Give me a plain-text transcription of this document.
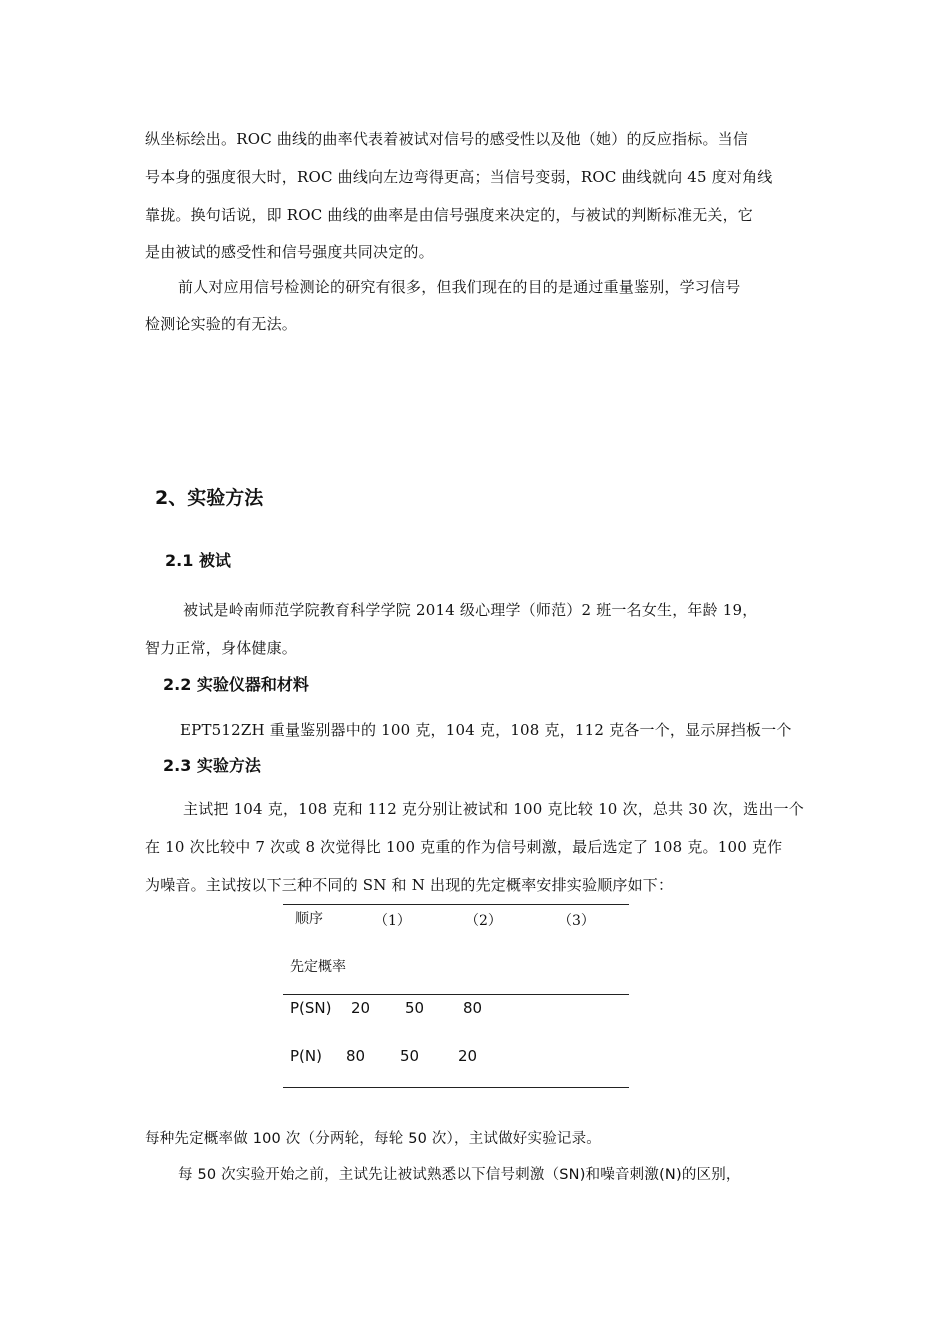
纵坐标绘出。ROC 曲线的曲率代表着被试对信号的感受性以及他（她）的反应指标。当信
号本身的强度很大时，ROC 曲线向左边弯得更高；当信号变弱，ROC 曲线就向 45 度对角线
靠拢。换句话说，即 ROC 曲线的曲率是由信号强度来决定的，与被试的判断标准无关，它
是由被试的感受性和信号强度共同决定的。
前人对应用信号检测论的研究有很多，但我们现在的目的是通过重量鉴别，学习信号
检测论实验的有无法。
2、实验方法
2.1 被试
被试是岭南师范学院教育科学学院 2014 级心理学（师范）2 班一名女生，年龄 19，
智力正常，身体健康。
2.2 实验仪器和材料
EPT512ZH 重量鉴别器中的 100 克，104 克，108 克，112 克各一个，显示屏挡板一个
2.3 实验方法
主试把 104 克，108 克和 112 克分别让被试和 100 克比较 10 次，总共 30 次，选出一个
在 10 次比较中 7 次或 8 次觉得比 100 克重的作为信号刺激，最后选定了 108 克。100 克作
为噪音。主试按以下三种不同的 SN 和 N 出现的先定概率安排实验顺序如下：
顺序	（1）	（2）	（3）
先定概率
P(SN) 20 50	80
P(N) 80 50	20
每种先定概率做 100 次（分两轮，每轮 50 次），主试做好实验记录。
每 50 次实验开始之前，主试先让被试熟悉以下信号刺激（SN)和噪音刺激(N)的区别，
